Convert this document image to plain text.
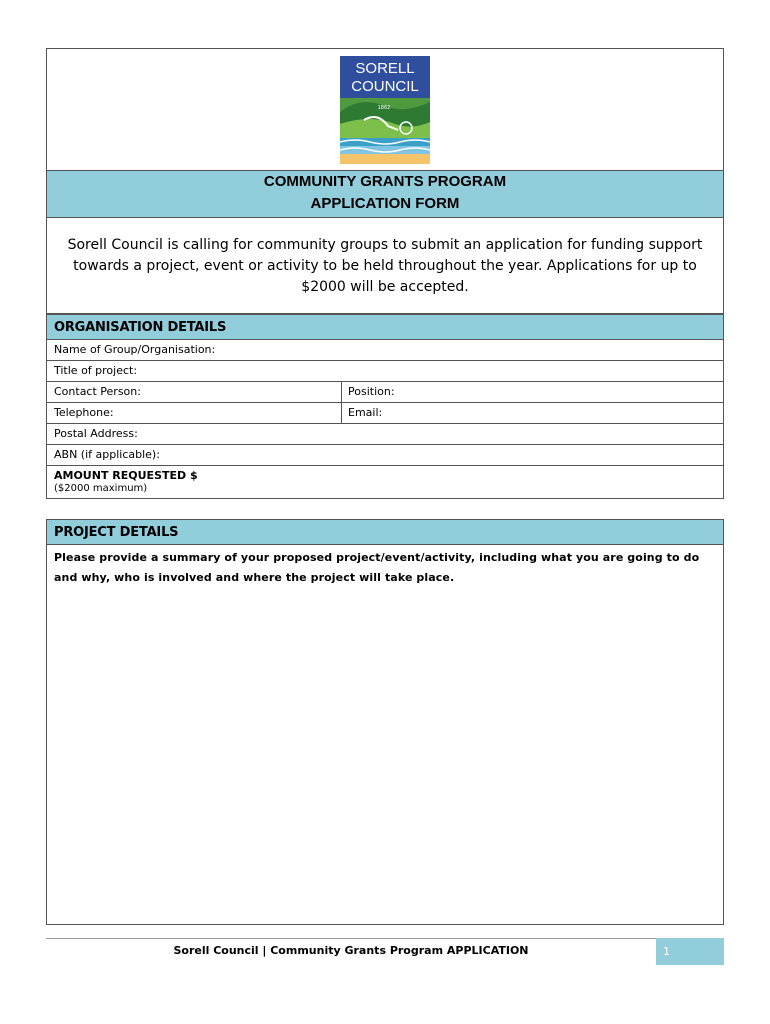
SORELL
COUNCIL
1862
COMMUNITY GRANTS PROGRAM
APPLICATION FORM
Sorell Council is calling for community groups to submit an application for funding support towards a project, event or activity to be held throughout the year. Applications for up to $2000 will be accepted.
ORGANISATION DETAILS
Name of Group/Organisation:
Title of project:
Contact Person:	Position:
Telephone:	Email:
Postal Address:
ABN (if applicable):
AMOUNT REQUESTED $
($2000 maximum)
PROJECT DETAILS
Please provide a summary of your proposed project/event/activity, including what you are going to do and why, who is involved and where the project will take place.
Sorell Council | Community Grants Program APPLICATION	1
